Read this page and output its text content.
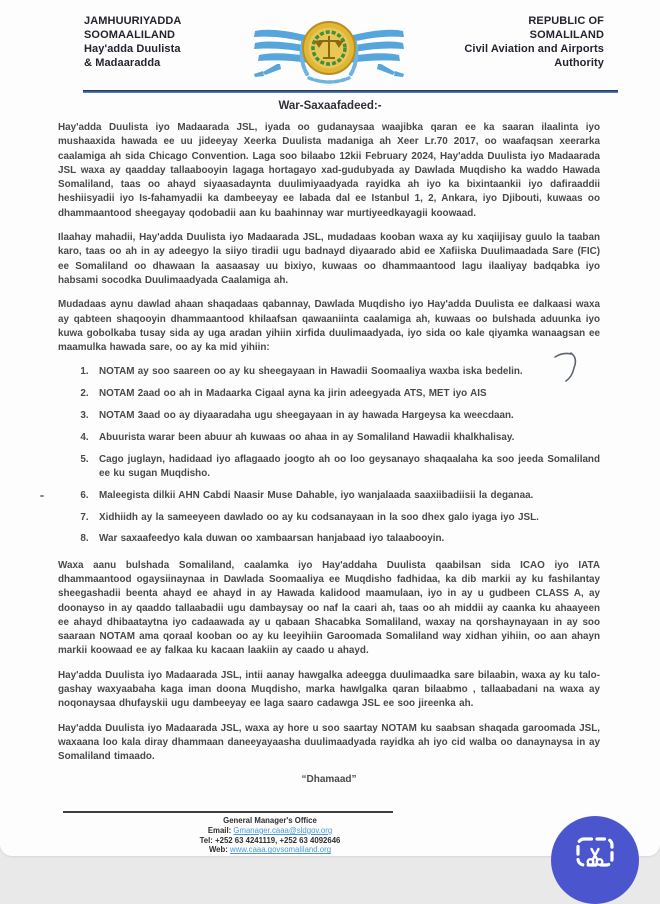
JAMHUURIYADDA
SOOMAALILAND
Hay'adda Duulista
& Madaaradda
REPUBLIC OF
SOMALILAND
Civil Aviation and Airports
Authority
War-Saxaafadeed:-

Hay'adda Duulista iyo Madaarada JSL, iyada oo gudanaysaa waajibka qaran ee ka saaran ilaalinta iyo mushaaxida hawada ee uu jideeyay Xeerka Duulista madaniga ah Xeer Lr.70 2017, oo waafaqsan xeerarka caalamiga ah sida Chicago Convention. Laga soo bilaabo 12kii February 2024, Hay'adda Duulista iyo Madaarada JSL waxa ay qaadday tallaabooyin lagaga hortagayo xad-gudubyada ay Dawlada Muqdisho ka waddo Hawada Somaliland, taas oo ahayd siyaasadaynta duulimiyaadyada rayidka ah iyo ka bixintaankii iyo dafiraaddii heshiisyadii iyo Is-fahamyadii ka dambeeyay ee labada dal ee Istanbul 1, 2, Ankara, iyo Djibouti, kuwaas oo dhammaantood sheegayay qodobadii aan ku baahinnay war murtiyeedkayagii koowaad.

Ilaahay mahadii, Hay'adda Duulista iyo Madaarada JSL, mudadaas kooban waxa ay ku xaqiijisay guulo la taaban karo, taas oo ah in ay adeegyo la siiyo tiradii ugu badnayd diyaarado abid ee Xafiiska Duulimaadada Sare (FIC) ee Somaliland oo dhawaan la aasaasay uu bixiyo, kuwaas oo dhammaantood lagu ilaaliyay badqabka iyo habsami socodka Duulimaadyada Caalamiga ah.

Mudadaas aynu dawlad ahaan shaqadaas qabannay, Dawlada Muqdisho iyo Hay'adda Duulista ee dalkaasi waxa ay qabteen shaqooyin dhammaantood khilaafsan qawaaniinta caalamiga ah, kuwaas oo bulshada aduunka iyo kuwa gobolkaba tusay sida ay uga aradan yihiin xirfida duulimaadyada, iyo sida oo kale qiyamka wanaagsan ee maamulka hawada sare, oo ay ka mid yihiin:

1. NOTAM ay soo saareen oo ay ku sheegayaan in Hawadii Soomaaliya waxba iska bedelin.
2. NOTAM 2aad oo ah in Madaarka Cigaal ayna ka jirin adeegyada ATS, MET iyo AIS
3. NOTAM 3aad oo ay diyaaradaha ugu sheegayaan in ay hawada Hargeysa ka weecdaan.
4. Abuurista warar been abuur ah kuwaas oo ahaa in ay Somaliland Hawadii khalkhalisay.
5. Cago juglayn, hadidaad iyo aflagaado joogto ah oo loo geysanayo shaqaalaha ka soo jeeda Somaliland ee ku sugan Muqdisho.
6. Maleegista dilkii AHN Cabdi Naasir Muse Dahable, iyo wanjalaada saaxiibadiisii la deganaa.
7. Xidhiidh ay la sameeyeen dawlado oo ay ku codsanayaan in la soo dhex galo iyaga iyo JSL.
8. War saxaafeedyo kala duwan oo xambaarsan hanjabaad iyo talaabooyin.

Waxa aanu bulshada Somaliland, caalamka iyo Hay'addaha Duulista qaabilsan sida ICAO iyo IATA dhammaantood ogaysiinaynaa in Dawlada Soomaaliya ee Muqdisho fadhidaa, ka dib markii ay ku fashilantay sheegashadii beenta ahayd ee ahayd in ay Hawada kalidood maamulaan, iyo in ay u gudbeen CLASS A, ay doonayso in ay qaaddo tallaabadii ugu dambaysay oo naf la caari ah, taas oo ah middii ay caanka ku ahaayeen ee ahayd dhibaataytna iyo cadaawada ay u qabaan Shacabka Somaliland, waxay na qorshaynayaan in ay soo saaraan NOTAM ama qoraal kooban oo ay ku leeyihiin Garoomada Somaliland way xidhan yihiin, oo aan ahayn markii koowaad ee ay falkaa ku kacaan laakiin ay caado u ahayd.

Hay'adda Duulista iyo Madaarada JSL, intii aanay hawgalka adeegga duulimaadka sare bilaabin, waxa ay ku talo-gashay waxyaabaha kaga iman doona Muqdisho, marka hawlgalka qaran bilaabmo , tallaabadani na waxa ay noqonaysaa dhufayskii ugu dambeeyay ee laga saaro cadawga JSL ee soo jireenka ah.

Hay'adda Duulista iyo Madaarada JSL, waxa ay hore u soo saartay NOTAM ku saabsan shaqada garoomada JSL, waxaana loo kala diray dhammaan daneeyayaasha duulimaadyada rayidka ah iyo cid walba oo danaynaysa in ay Somaliland timaado.

“Dhamaad”
General Manager's Office
Email: Gmanager.caaa@sldgov.org
Tel: +252 63 4241119, +252 63 4092646
Web: www.caaa.govsomaliland.org
